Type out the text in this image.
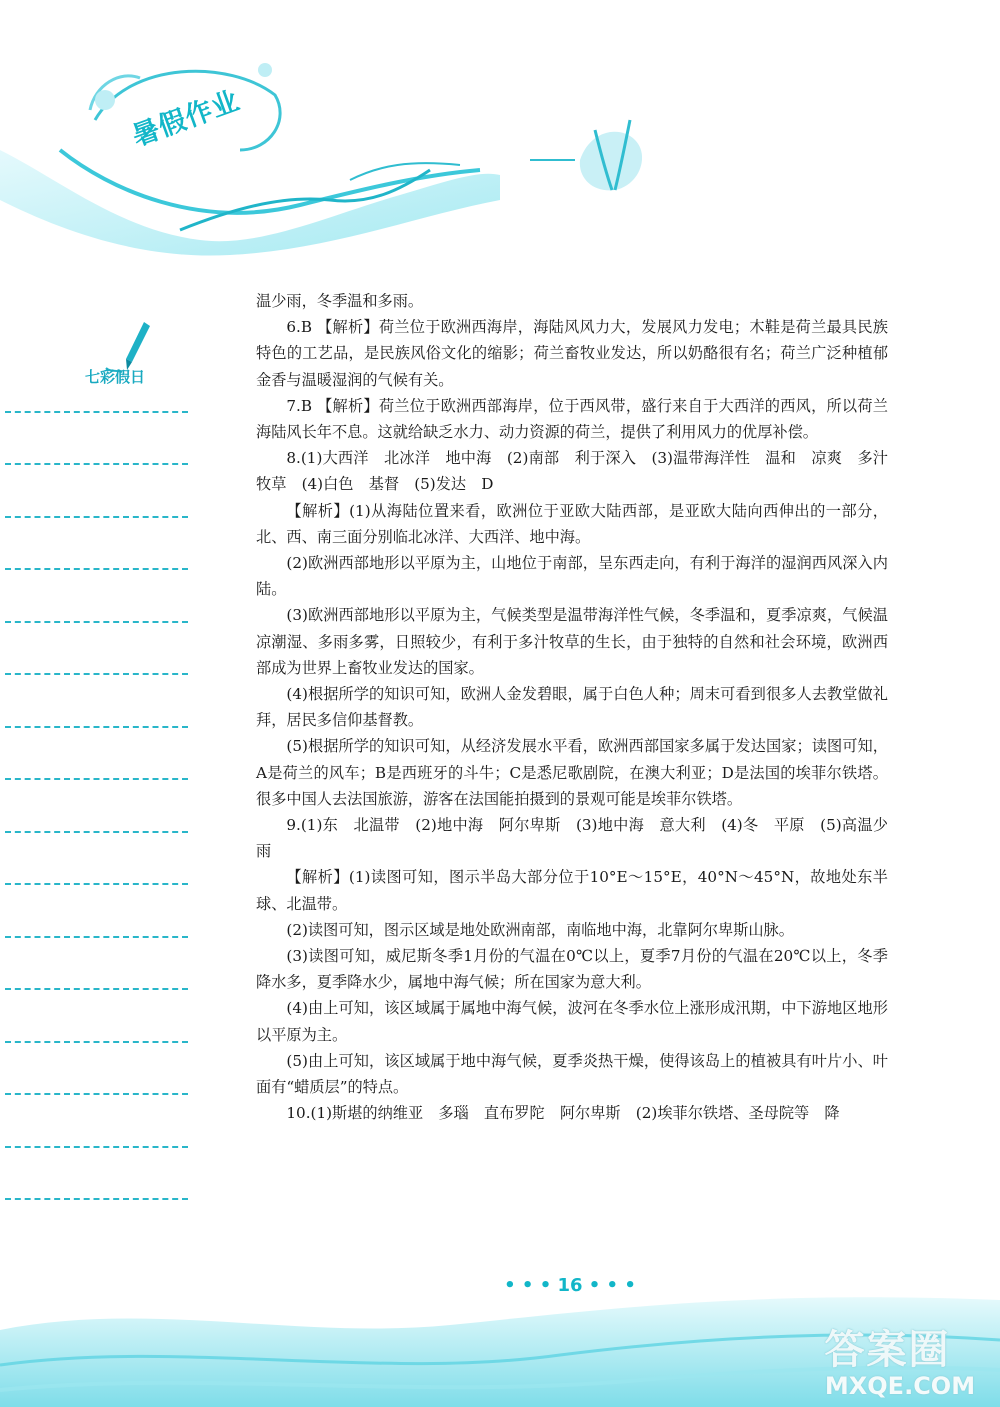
暑假作业
七彩假日

温少雨，冬季温和多雨。

6.B 【解析】荷兰位于欧洲西海岸，海陆风风力大，发展风力发电；木鞋是荷兰最具民族特色的工艺品，是民族风俗文化的缩影；荷兰畜牧业发达，所以奶酪很有名；荷兰广泛种植郁金香与温暖湿润的气候有关。

7.B 【解析】荷兰位于欧洲西部海岸，位于西风带，盛行来自于大西洋的西风，所以荷兰海陆风长年不息。这就给缺乏水力、动力资源的荷兰，提供了利用风力的优厚补偿。

8.(1)大西洋　北冰洋　地中海　(2)南部　利于深入　(3)温带海洋性　温和　凉爽　多汁牧草　(4)白色　基督　(5)发达　D

【解析】(1)从海陆位置来看，欧洲位于亚欧大陆西部，是亚欧大陆向西伸出的一部分，北、西、南三面分别临北冰洋、大西洋、地中海。

(2)欧洲西部地形以平原为主，山地位于南部，呈东西走向，有利于海洋的湿润西风深入内陆。

(3)欧洲西部地形以平原为主，气候类型是温带海洋性气候，冬季温和，夏季凉爽，气候温凉潮湿、多雨多雾，日照较少，有利于多汁牧草的生长，由于独特的自然和社会环境，欧洲西部成为世界上畜牧业发达的国家。

(4)根据所学的知识可知，欧洲人金发碧眼，属于白色人种；周末可看到很多人去教堂做礼拜，居民多信仰基督教。

(5)根据所学的知识可知，从经济发展水平看，欧洲西部国家多属于发达国家；读图可知，A是荷兰的风车；B是西班牙的斗牛；C是悉尼歌剧院，在澳大利亚；D是法国的埃菲尔铁塔。很多中国人去法国旅游，游客在法国能拍摄到的景观可能是埃菲尔铁塔。

9.(1)东　北温带　(2)地中海　阿尔卑斯　(3)地中海　意大利　(4)冬　平原　(5)高温少雨

【解析】(1)读图可知，图示半岛大部分位于10°E～15°E，40°N～45°N，故地处东半球、北温带。

(2)读图可知，图示区域是地处欧洲南部，南临地中海，北靠阿尔卑斯山脉。

(3)读图可知，威尼斯冬季1月份的气温在0℃以上，夏季7月份的气温在20℃以上，冬季降水多，夏季降水少，属地中海气候；所在国家为意大利。

(4)由上可知，该区域属于属地中海气候，波河在冬季水位上涨形成汛期，中下游地区地形以平原为主。

(5)由上可知，该区域属于地中海气候，夏季炎热干燥，使得该岛上的植被具有叶片小、叶面有“蜡质层”的特点。

10.(1)斯堪的纳维亚　多瑙　直布罗陀　阿尔卑斯　(2)埃菲尔铁塔、圣母院等　降

• • • 16 • • •
答案圈
MXQE.COM
